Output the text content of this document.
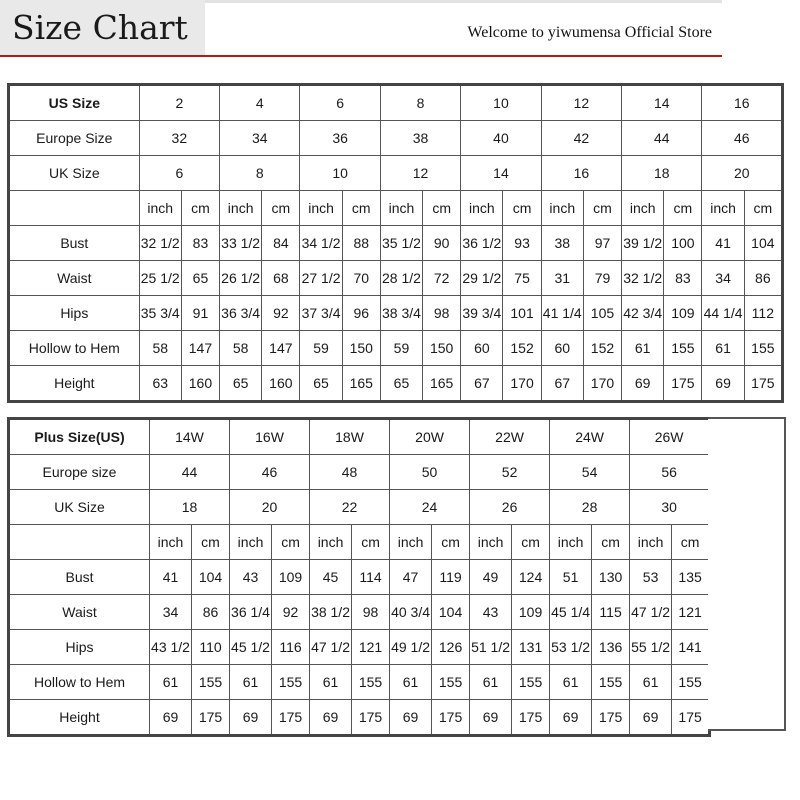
Size Chart	Welcome to yiwumensa Official Store
US Size	2		4		6		8		10		12		14		16	
Europe Size	32		34		36		38		40		42		44		46	
UK Size	6		8		10		12		14		16		18		20	
	inch	cm	inch	cm	inch	cm	inch	cm	inch	cm	inch	cm	inch	cm	inch	cm
Bust	32 1/2	83	33 1/2	84	34 1/2	88	35 1/2	90	36 1/2	93	38	97	39 1/2	100	41	104
Waist	25 1/2	65	26 1/2	68	27 1/2	70	28 1/2	72	29 1/2	75	31	79	32 1/2	83	34	86
Hips	35 3/4	91	36 3/4	92	37 3/4	96	38 3/4	98	39 3/4	101	41 1/4	105	42 3/4	109	44 1/4	112
Hollow to Hem	58	147	58	147	59	150	59	150	60	152	60	152	61	155	61	155
Height	63	160	65	160	65	165	65	165	67	170	67	170	69	175	69	175
Plus Size(US)	14W		16W		18W		20W		22W		24W		26W	
Europe size	44		46		48		50		52		54		56	
UK Size	18		20		22		24		26		28		30	
	inch	cm	inch	cm	inch	cm	inch	cm	inch	cm	inch	cm	inch	cm
Bust	41	104	43	109	45	114	47	119	49	124	51	130	53	135
Waist	34	86	36 1/4	92	38 1/2	98	40 3/4	104	43	109	45 1/4	115	47 1/2	121
Hips	43 1/2	110	45 1/2	116	47 1/2	121	49 1/2	126	51 1/2	131	53 1/2	136	55 1/2	141
Hollow to Hem	61	155	61	155	61	155	61	155	61	155	61	155	61	155
Height	69	175	69	175	69	175	69	175	69	175	69	175	69	175
